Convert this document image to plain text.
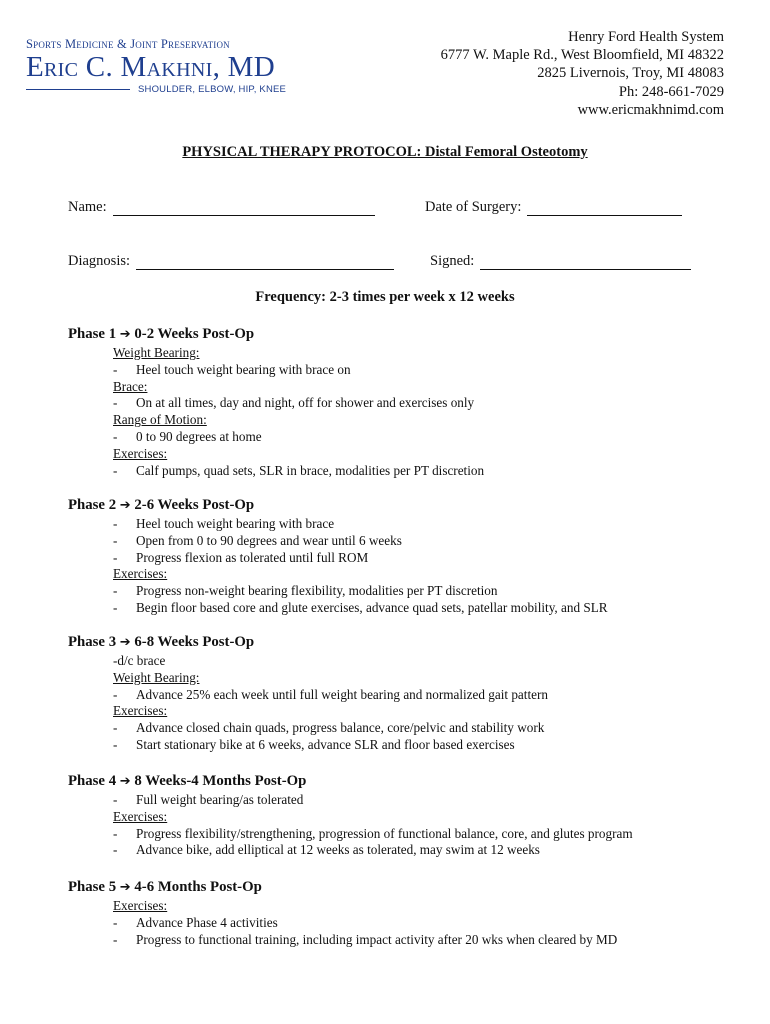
Sports Medicine & Joint Preservation
Eric C. Makhni, MD
SHOULDER, ELBOW, HIP, KNEE
Henry Ford Health System
6777 W. Maple Rd., West Bloomfield, MI 48322
2825 Livernois, Troy, MI 48083
Ph: 248-661-7029
www.ericmakhnimd.com
PHYSICAL THERAPY PROTOCOL: Distal Femoral Osteotomy
Name:	Date of Surgery:
Diagnosis:	Signed:
Frequency: 2-3 times per week x 12 weeks
Phase 1 ➔ 0-2 Weeks Post-Op
Weight Bearing:
-	Heel touch weight bearing with brace on
Brace:
-	On at all times, day and night, off for shower and exercises only
Range of Motion:
-	0 to 90 degrees at home
Exercises:
-	Calf pumps, quad sets, SLR in brace, modalities per PT discretion
Phase 2 ➔ 2-6 Weeks Post-Op
-	Heel touch weight bearing with brace
-	Open from 0 to 90 degrees and wear until 6 weeks
-	Progress flexion as tolerated until full ROM
Exercises:
-	Progress non-weight bearing flexibility, modalities per PT discretion
-	Begin floor based core and glute exercises, advance quad sets, patellar mobility, and SLR
Phase 3 ➔ 6-8 Weeks Post-Op
-d/c brace
Weight Bearing:
-	Advance 25% each week until full weight bearing and normalized gait pattern
Exercises:
-	Advance closed chain quads, progress balance, core/pelvic and stability work
-	Start stationary bike at 6 weeks, advance SLR and floor based exercises
Phase 4 ➔ 8 Weeks-4 Months Post-Op
-	Full weight bearing/as tolerated
Exercises:
-	Progress flexibility/strengthening, progression of functional balance, core, and glutes program
-	Advance bike, add elliptical at 12 weeks as tolerated, may swim at 12 weeks
Phase 5 ➔ 4-6 Months Post-Op
Exercises:
-	Advance Phase 4 activities
-	Progress to functional training, including impact activity after 20 wks when cleared by MD
